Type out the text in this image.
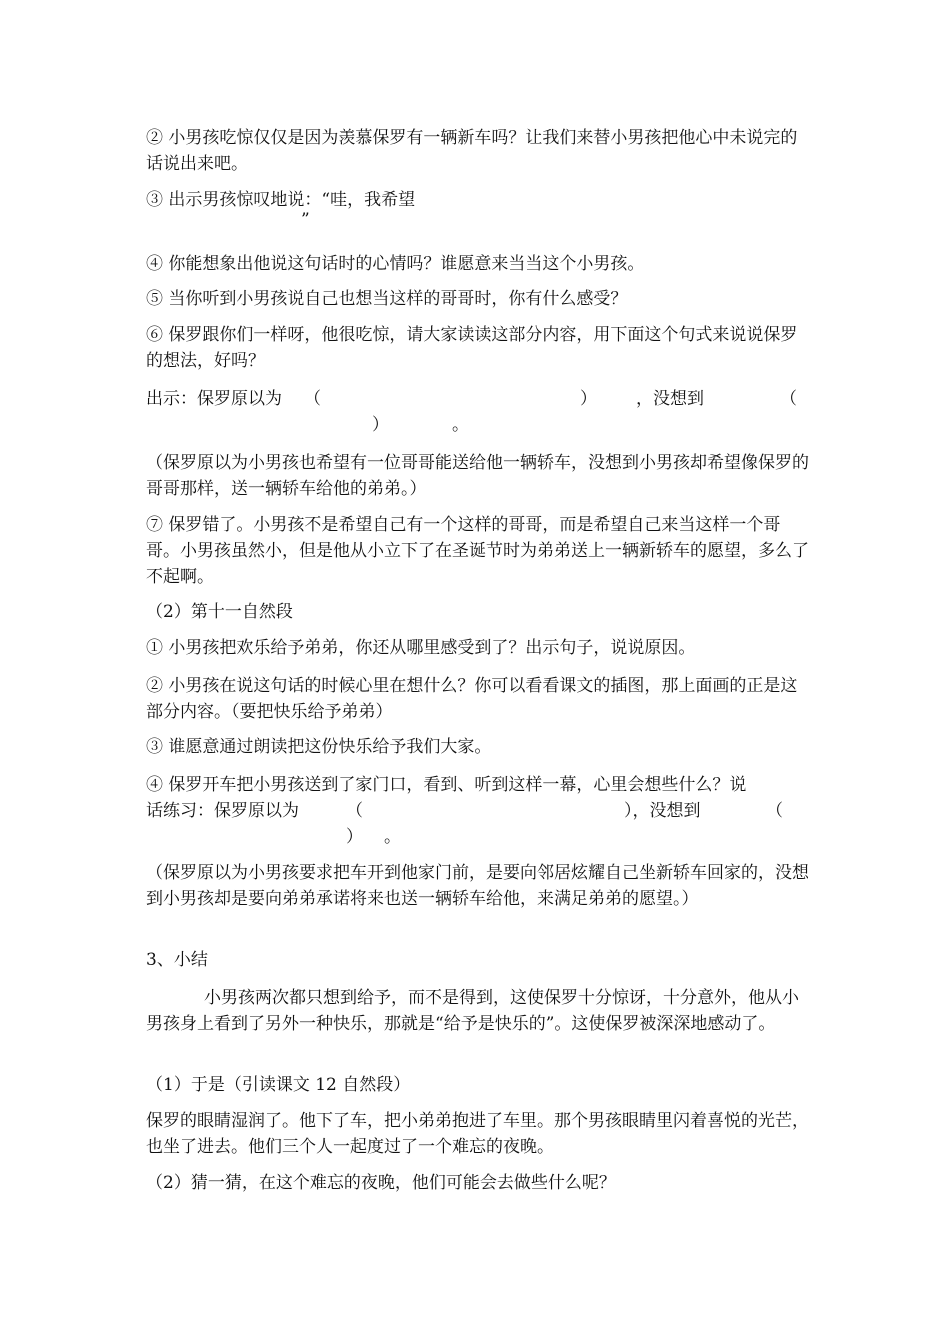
② 小男孩吃惊仅仅是因为羡慕保罗有一辆新车吗？让我们来替小男孩把他心中未说完的话说出来吧。

③ 出示男孩惊叹地说：“哇，我希望

”

④ 你能想象出他说这句话时的心情吗？谁愿意来当当这个小男孩。

⑤ 当你听到小男孩说自己也想当这样的哥哥时，你有什么感受？

⑥ 保罗跟你们一样呀，他很吃惊，请大家读读这部分内容，用下面这个句式来说说保罗的想法，好吗？

出示：保罗原以为 （	） ，没想到	（

）	。

（保罗原以为小男孩也希望有一位哥哥能送给他一辆轿车，没想到小男孩却希望像保罗的哥哥那样，送一辆轿车给他的弟弟。）

⑦ 保罗错了。小男孩不是希望自己有一个这样的哥哥，而是希望自己来当这样一个哥哥。小男孩虽然小，但是他从小立下了在圣诞节时为弟弟送上一辆新轿车的愿望，多么了不起啊。

（2）第十一自然段

① 小男孩把欢乐给予弟弟，你还从哪里感受到了？出示句子，说说原因。

② 小男孩在说这句话的时候心里在想什么？你可以看看课文的插图，那上面画的正是这部分内容。（要把快乐给予弟弟）

③ 谁愿意通过朗读把这份快乐给予我们大家。

④ 保罗开车把小男孩送到了家门口，看到、听到这样一幕，心里会想些什么？说

话练习：保罗原以为	（	），没想到	（

） 。

（保罗原以为小男孩要求把车开到他家门前，是要向邻居炫耀自己坐新轿车回家的，没想到小男孩却是要向弟弟承诺将来也送一辆轿车给他，来满足弟弟的愿望。）

3、小结

小男孩两次都只想到给予，而不是得到，这使保罗十分惊讶，十分意外，他从小男孩身上看到了另外一种快乐，那就是“给予是快乐的”。这使保罗被深深地感动了。

（1）于是（引读课文 12 自然段）

保罗的眼睛湿润了。他下了车，把小弟弟抱进了车里。那个男孩眼睛里闪着喜悦的光芒，也坐了进去。他们三个人一起度过了一个难忘的夜晚。

（2）猜一猜，在这个难忘的夜晚，他们可能会去做些什么呢？
